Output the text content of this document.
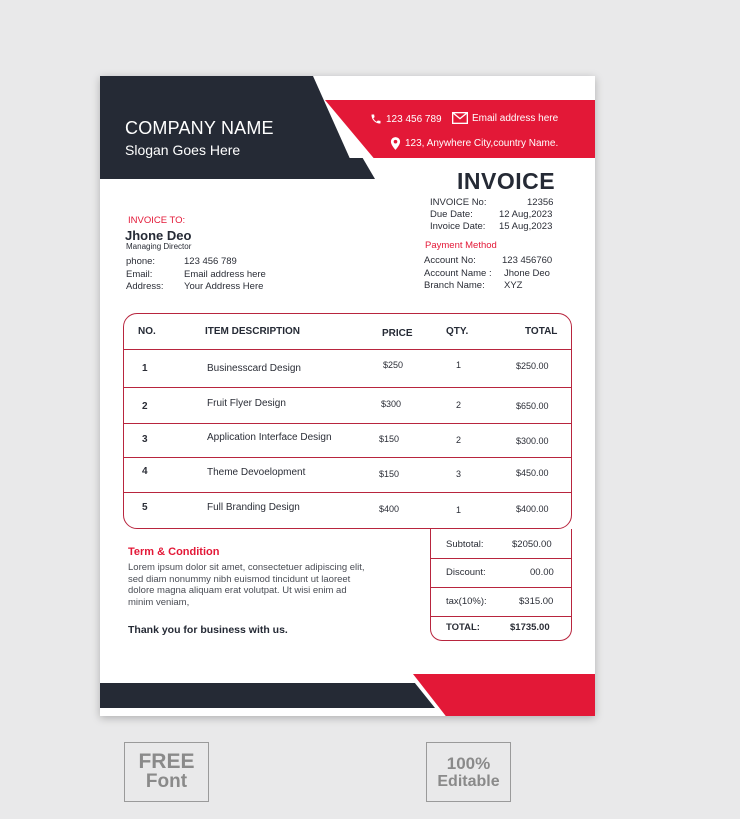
COMPANY NAME
Slogan Goes Here
123 456 789	Email address here
123, Anywhere City,country Name.
INVOICE
INVOICE No:	12356
Due Date:	12 Aug,2023
Invoice Date: 15 Aug,2023
INVOICE TO:
Jhone Deo
Managing Director
phone:	123 456 789
Email:	Email address here
Address: Your Address Here
Payment Method
Account No:	123 456760
Account Name : Jhone Deo
Branch Name: XYZ
NO.	ITEM DESCRIPTION	PRICE	QTY.	TOTAL
1	Businesscard Design	$250	1	$250.00
2	Fruit Flyer Design	$300	2	$650.00
3	Application Interface Design	$150	2	$300.00
4	Theme Devoelopment	$150	3	$450.00
5	Full Branding Design	$400	1	$400.00
Subtotal:	$2050.00
Discount:	00.00
tax(10%):	$315.00
TOTAL:	$1735.00
Term & Condition
Lorem ipsum dolor sit amet, consectetuer adipiscing elit,
sed diam nonummy nibh euismod tincidunt ut laoreet
dolore magna aliquam erat volutpat. Ut wisi enim ad
minim veniam,
Thank you for business with us.
FREE
Font
100%
Editable
